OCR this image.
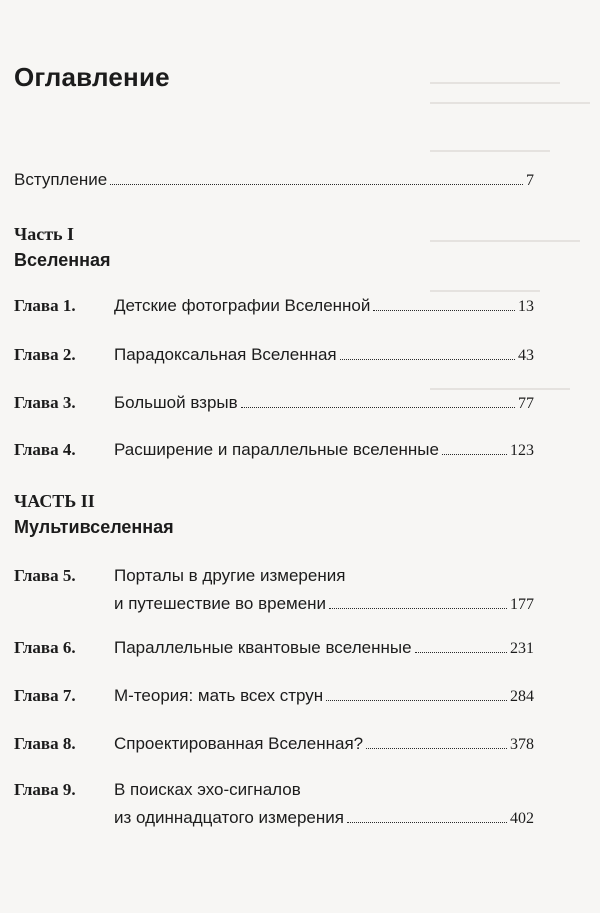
Оглавление
Вступление	7
Часть I
Вселенная
Глава 1.	Детские фотографии Вселенной	13
Глава 2.	Парадоксальная Вселенная	43
Глава 3.	Большой взрыв	77
Глава 4.	Расширение и параллельные вселенные	123
ЧАСТЬ II
Мультивселенная
Глава 5.	Порталы в другие измерения
и путешествие во времени	177
Глава 6.	Параллельные квантовые вселенные	231
Глава 7.	М-теория: мать всех струн	284
Глава 8.	Спроектированная Вселенная?	378
Глава 9.	В поисках эхо-сигналов
из одиннадцатого измерения	402
